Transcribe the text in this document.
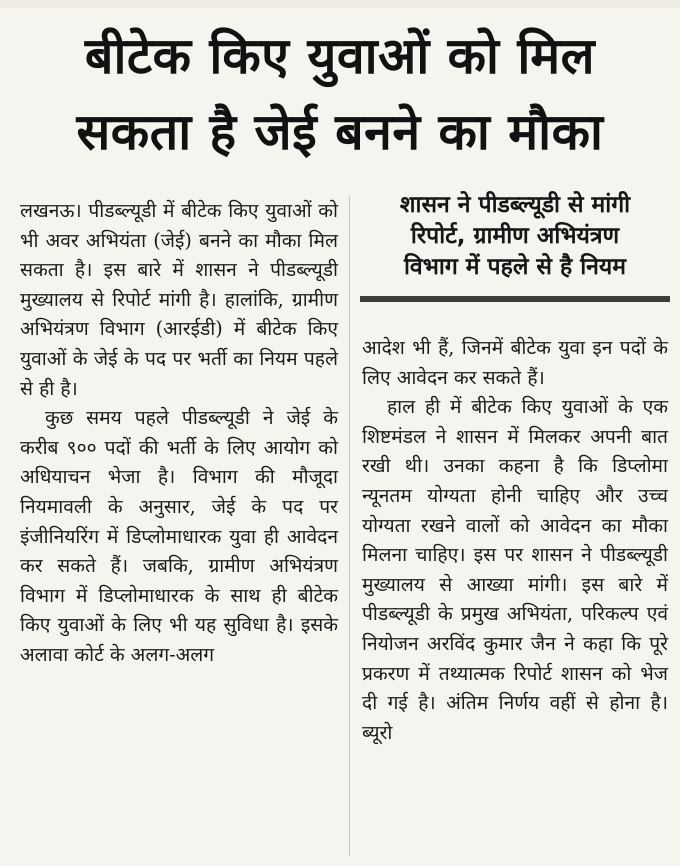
बीटेक किए युवाओं को मिल
सकता है जेई बनने का मौका

लखनऊ। पीडब्ल्यूडी में बीटेक किए युवाओं को भी अवर अभियंता (जेई) बनने का मौका मिल सकता है। इस बारे में शासन ने पीडब्ल्यूडी मुख्यालय से रिपोर्ट मांगी है। हालांकि, ग्रामीण अभियंत्रण विभाग (आरईडी) में बीटेक किए युवाओं के जेई के पद पर भर्ती का नियम पहले से ही है।

कुछ समय पहले पीडब्ल्यूडी ने जेई के करीब ९०० पदों की भर्ती के लिए आयोग को अधियाचन भेजा है। विभाग की मौजूदा नियमावली के अनुसार, जेई के पद पर इंजीनियरिंग में डिप्लोमाधारक युवा ही आवेदन कर सकते हैं। जबकि, ग्रामीण अभियंत्रण विभाग में डिप्लोमाधारक के साथ ही बीटेक किए युवाओं के लिए भी यह सुविधा है। इसके अलावा कोर्ट के अलग-अलग

शासन ने पीडब्ल्यूडी से मांगी
रिपोर्ट, ग्रामीण अभियंत्रण
विभाग में पहले से है नियम

आदेश भी हैं, जिनमें बीटेक युवा इन पदों के लिए आवेदन कर सकते हैं।

हाल ही में बीटेक किए युवाओं के एक शिष्टमंडल ने शासन में मिलकर अपनी बात रखी थी। उनका कहना है कि डिप्लोमा न्यूनतम योग्यता होनी चाहिए और उच्च योग्यता रखने वालों को आवेदन का मौका मिलना चाहिए। इस पर शासन ने पीडब्ल्यूडी मुख्यालय से आख्या मांगी। इस बारे में पीडब्ल्यूडी के प्रमुख अभियंता, परिकल्प एवं नियोजन अरविंद कुमार जैन ने कहा कि पूरे प्रकरण में तथ्यात्मक रिपोर्ट शासन को भेज दी गई है। अंतिम निर्णय वहीं से होना है। ब्यूरो
